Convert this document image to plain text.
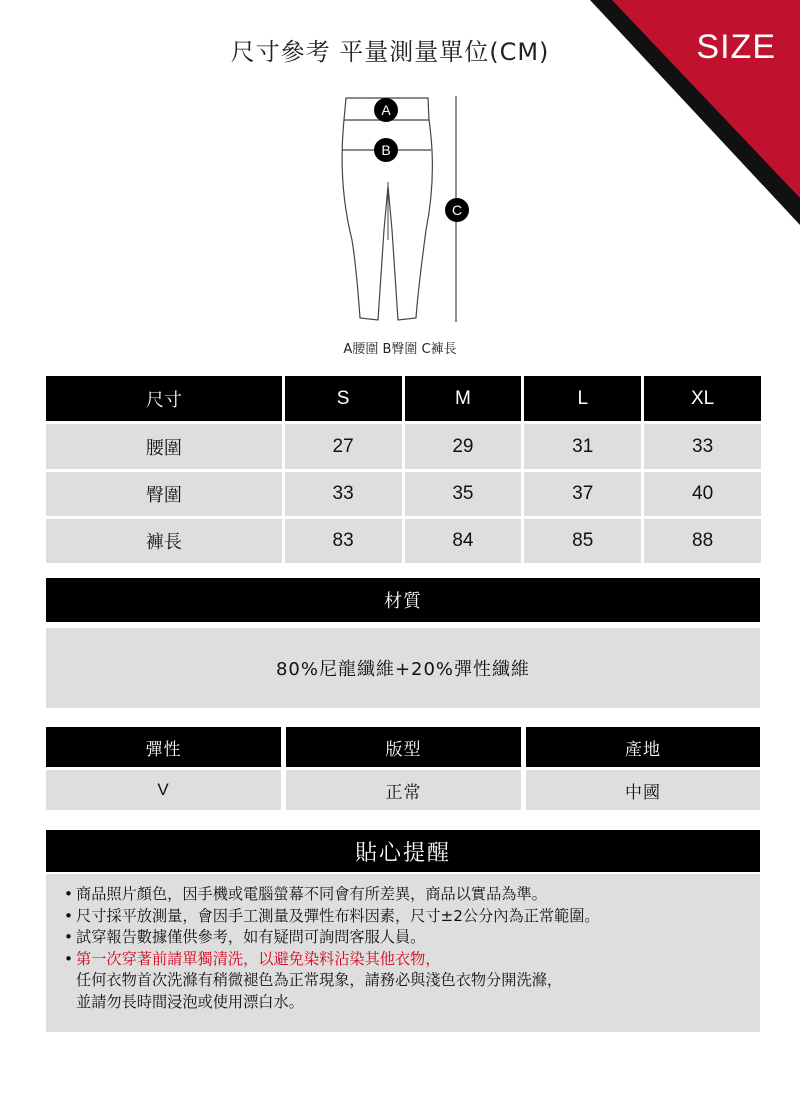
尺寸參考 平量測量單位(CM)	SIZE
A
B
C
A腰圍 B臀圍 C褲長
尺寸	S	M	L	XL
腰圍	27	29	31	33
臀圍	33	35	37	40
褲長	83	84	85	88
材質
80%尼龍纖維+20%彈性纖維
彈性	版型	產地
V	正常	中國
貼心提醒
• 商品照片顏色，因手機或電腦螢幕不同會有所差異，商品以實品為準。
• 尺寸採平放測量，會因手工測量及彈性布料因素，尺寸±2公分內為正常範圍。
• 試穿報告數據僅供參考，如有疑問可詢問客服人員。
• 第一次穿著前請單獨清洗，以避免染料沾染其他衣物，
任何衣物首次洗滌有稍微褪色為正常現象，請務必與淺色衣物分開洗滌，
並請勿長時間浸泡或使用漂白水。
